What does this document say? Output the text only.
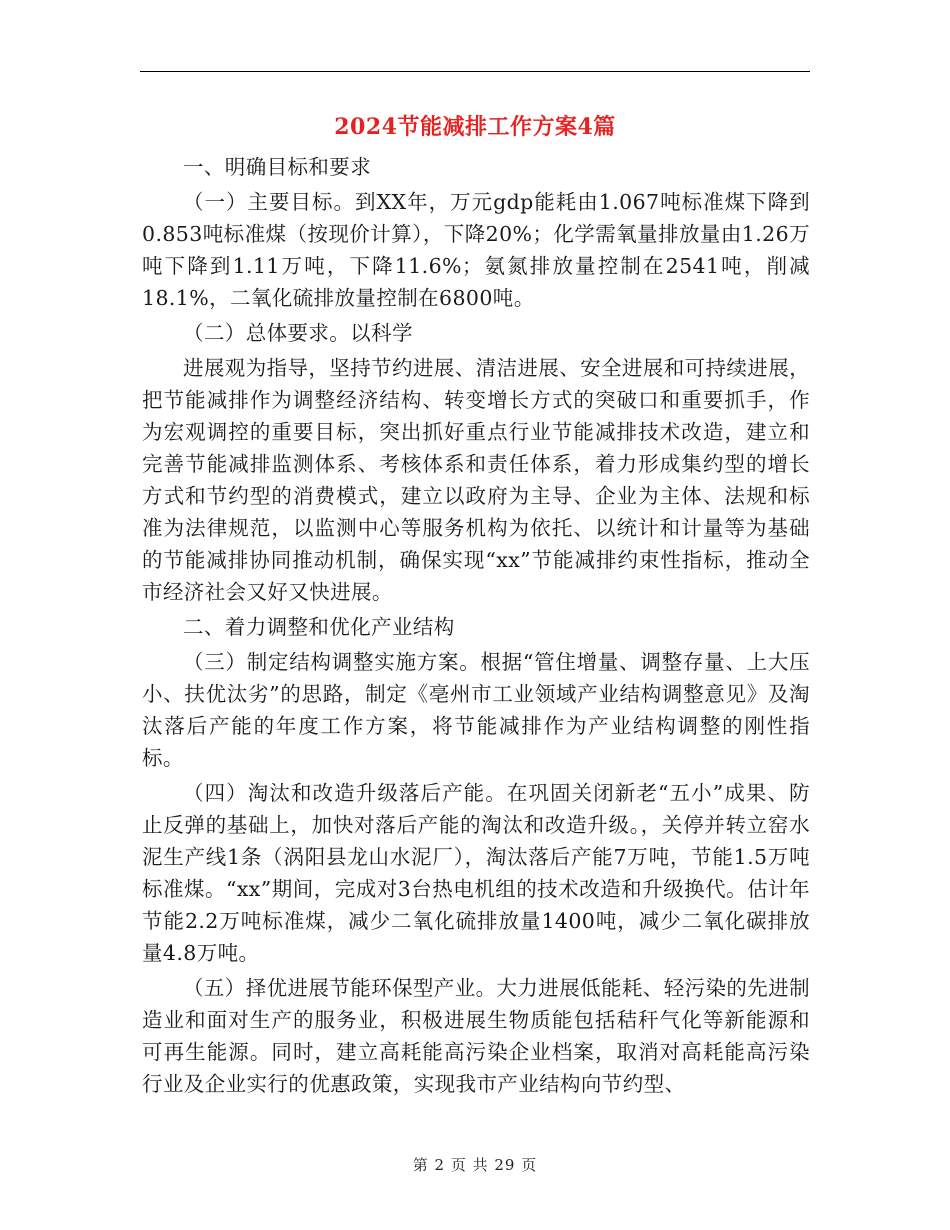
2024节能减排工作方案4篇

一、明确目标和要求

（一）主要目标。到XX年，万元gdp能耗由1.067吨标准煤下降到0.853吨标准煤（按现价计算），下降20%；化学需氧量排放量由1.26万吨下降到1.11万吨，下降11.6%；氨氮排放量控制在2541吨，削减18.1%，二氧化硫排放量控制在6800吨。

（二）总体要求。以科学

进展观为指导，坚持节约进展、清洁进展、安全进展和可持续进展，把节能减排作为调整经济结构、转变增长方式的突破口和重要抓手，作为宏观调控的重要目标，突出抓好重点行业节能减排技术改造，建立和完善节能减排监测体系、考核体系和责任体系，着力形成集约型的增长方式和节约型的消费模式，建立以政府为主导、企业为主体、法规和标准为法律规范，以监测中心等服务机构为依托、以统计和计量等为基础的节能减排协同推动机制，确保实现“xx”节能减排约束性指标，推动全市经济社会又好又快进展。

二、着力调整和优化产业结构

（三）制定结构调整实施方案。根据“管住增量、调整存量、上大压小、扶优汰劣”的思路，制定《亳州市工业领域产业结构调整意见》及淘汰落后产能的年度工作方案，将节能减排作为产业结构调整的刚性指标。

（四）淘汰和改造升级落后产能。在巩固关闭新老“五小”成果、防止反弹的基础上，加快对落后产能的淘汰和改造升级。，关停并转立窑水泥生产线1条（涡阳县龙山水泥厂），淘汰落后产能7万吨，节能1.5万吨标准煤。“xx”期间，完成对3台热电机组的技术改造和升级换代。估计年节能2.2万吨标准煤，减少二氧化硫排放量1400吨，减少二氧化碳排放量4.8万吨。

（五）择优进展节能环保型产业。大力进展低能耗、轻污染的先进制造业和面对生产的服务业，积极进展生物质能包括秸秆气化等新能源和可再生能源。同时，建立高耗能高污染企业档案，取消对高耗能高污染行业及企业实行的优惠政策，实现我市产业结构向节约型、

第 2 页 共 29 页
